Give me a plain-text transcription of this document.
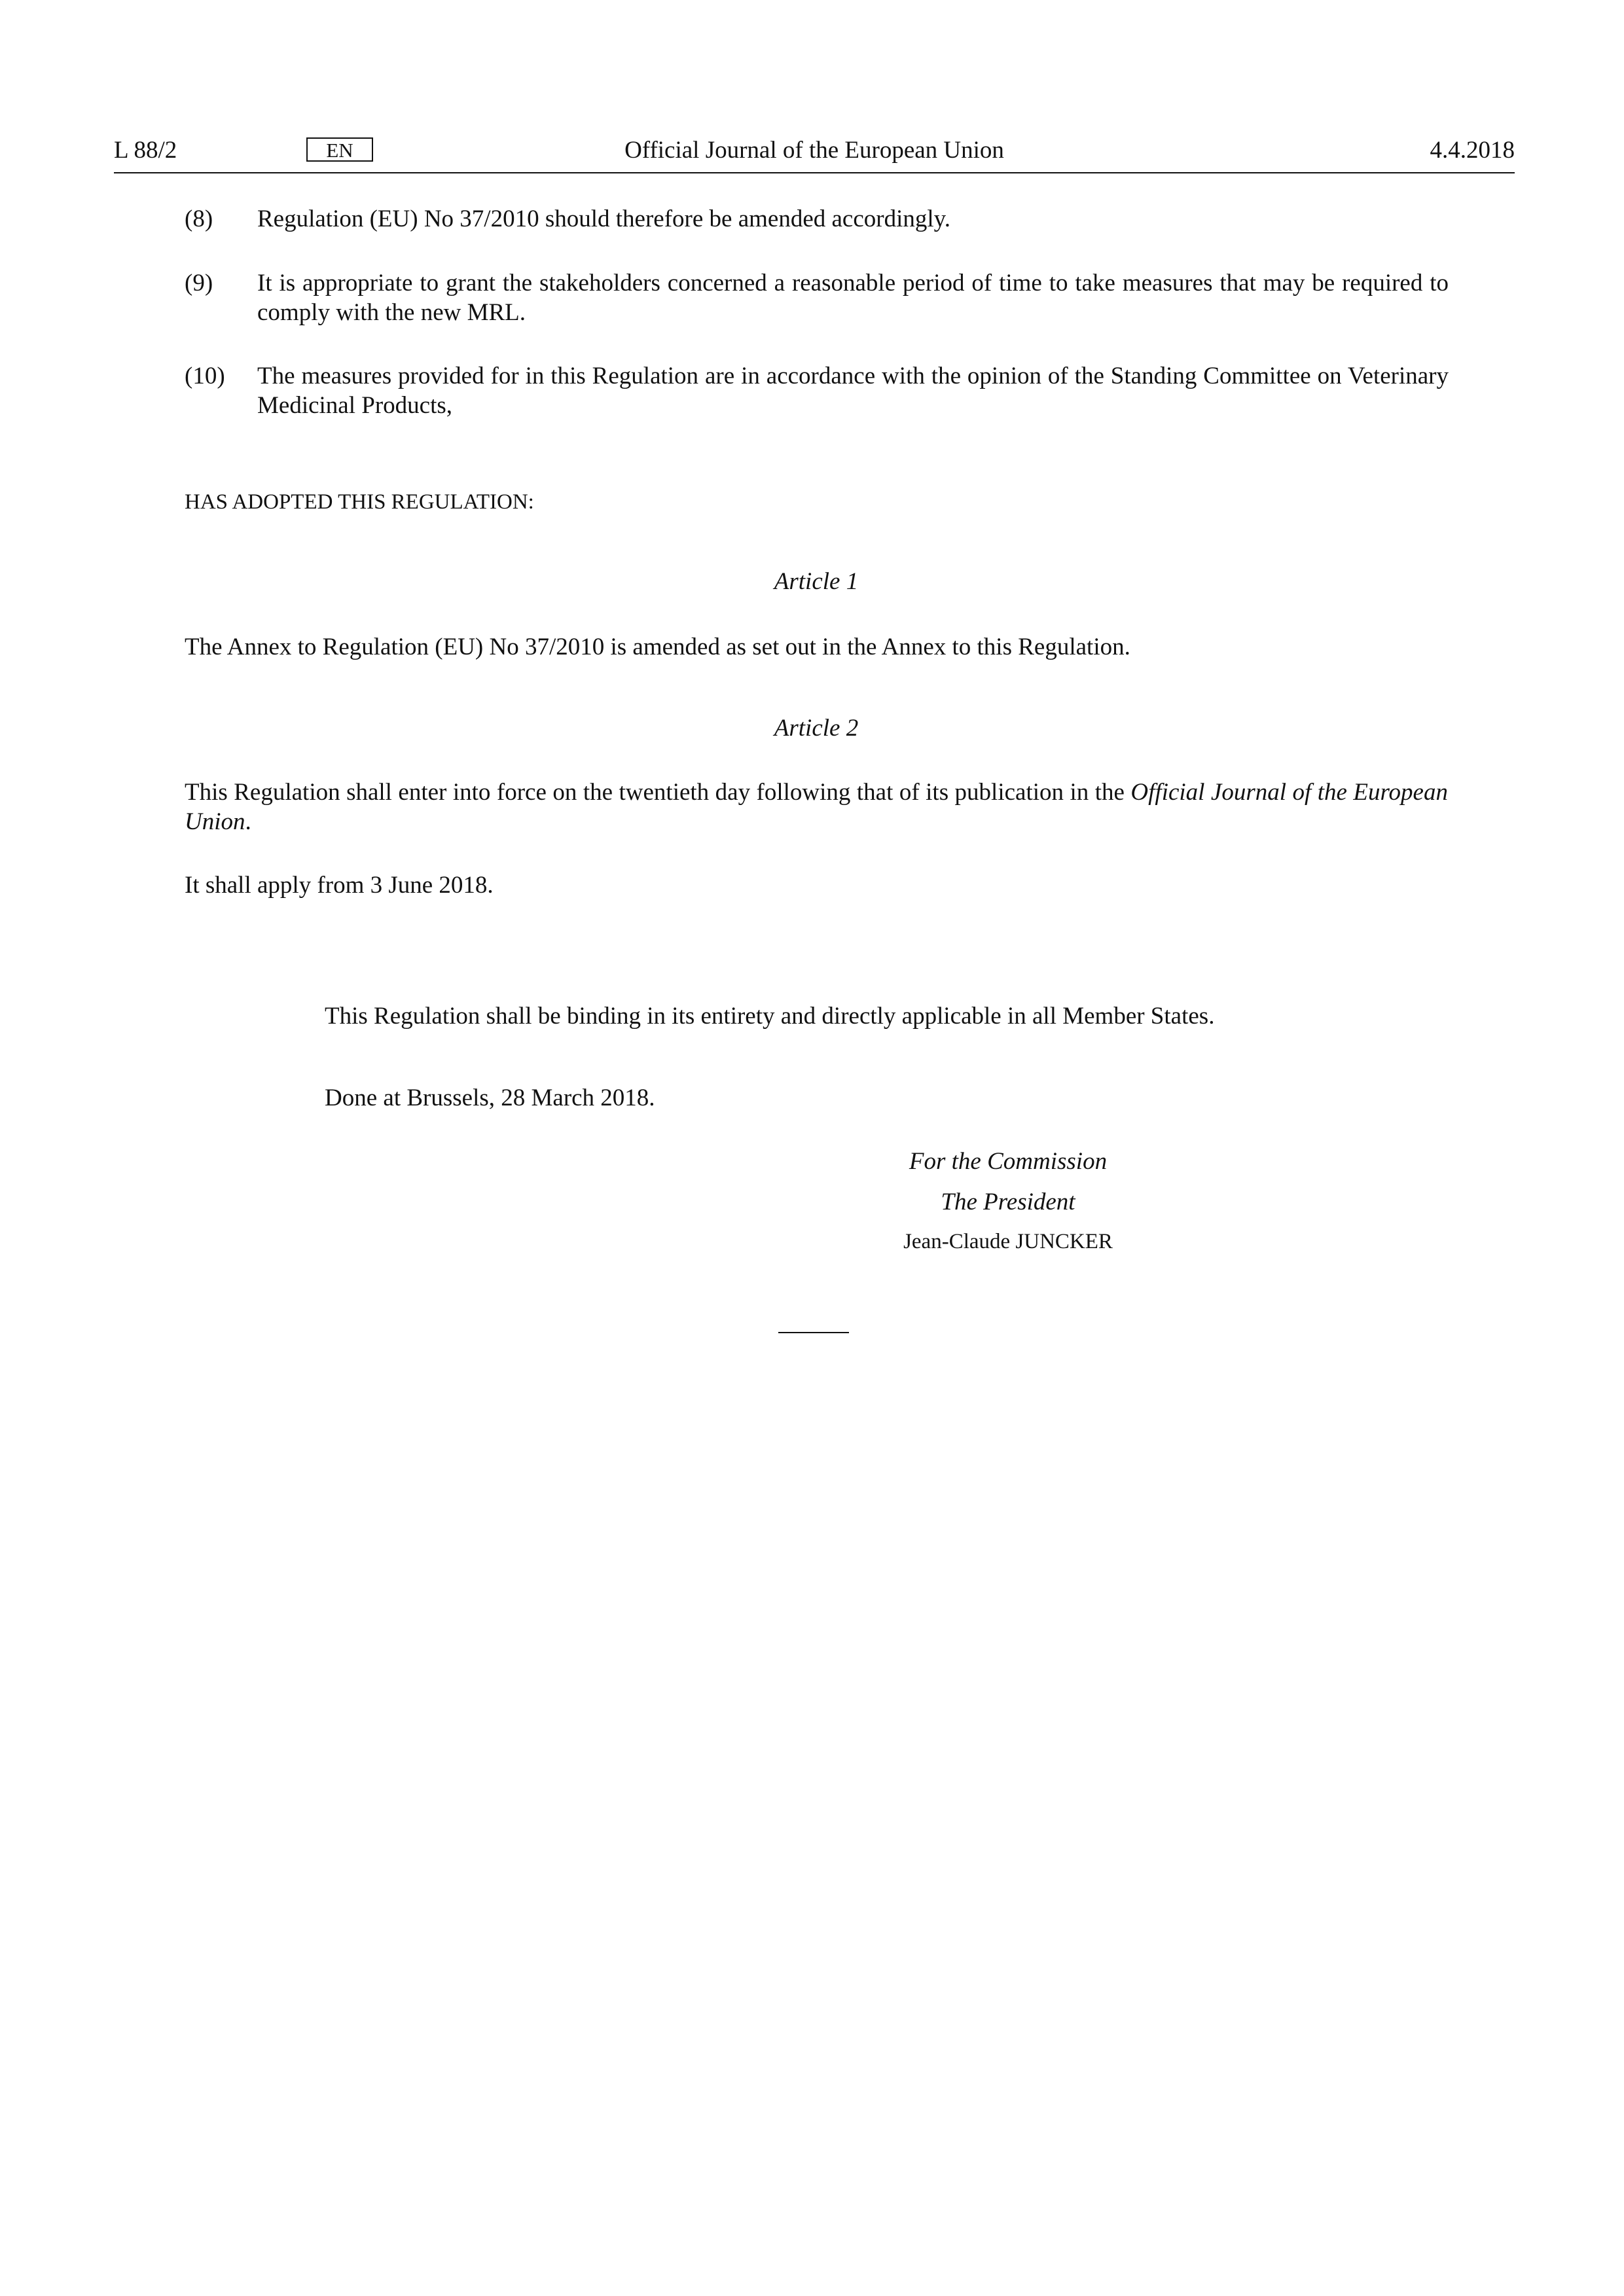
L 88/2	EN	Official Journal of the European Union	4.4.2018
(8) Regulation (EU) No 37/2010 should therefore be amended accordingly.
(9) It is appropriate to grant the stakeholders concerned a reasonable period of time to take measures that may be required to comply with the new MRL.
(10) The measures provided for in this Regulation are in accordance with the opinion of the Standing Committee on Veterinary Medicinal Products,
HAS ADOPTED THIS REGULATION:
Article 1
The Annex to Regulation (EU) No 37/2010 is amended as set out in the Annex to this Regulation.
Article 2
This Regulation shall enter into force on the twentieth day following that of its publication in the Official Journal of the European Union.
It shall apply from 3 June 2018.
This Regulation shall be binding in its entirety and directly applicable in all Member States.
Done at Brussels, 28 March 2018.
For the Commission
The President
Jean-Claude JUNCKER
